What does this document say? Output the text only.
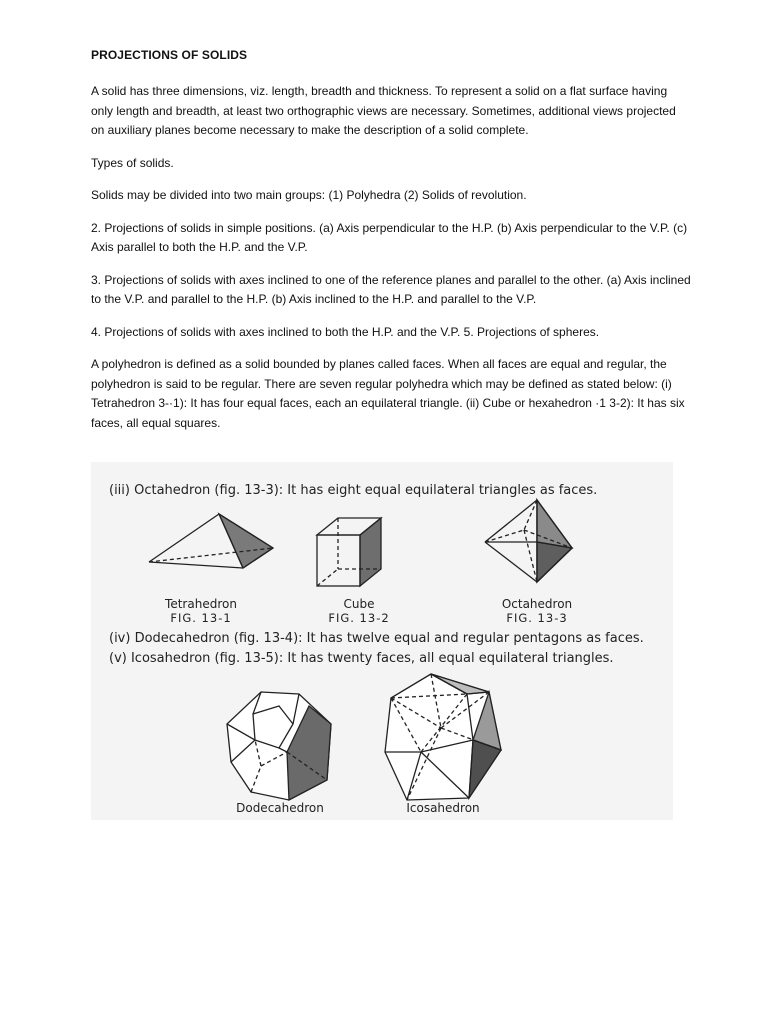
PROJECTIONS OF SOLIDS

A solid has three dimensions, viz. length, breadth and thickness. To represent a solid on a flat surface having only length and breadth, at least two orthographic views are necessary. Sometimes, additional views projected on auxiliary planes become necessary to make the description of a solid complete.

Types of solids.

Solids may be divided into two main groups: (1) Polyhedra (2) Solids of revolution.

2. Projections of solids in simple positions. (a) Axis perpendicular to the H.P. (b) Axis perpendicular to the V.P. (c) Axis parallel to both the H.P. and the V.P.

3. Projections of solids with axes inclined to one of the reference planes and parallel to the other. (a) Axis inclined to the V.P. and parallel to the H.P. (b) Axis inclined to the H.P. and parallel to the V.P.

4. Projections of solids with axes inclined to both the H.P. and the V.P. 5. Projections of spheres.

A polyhedron is defined as a solid bounded by planes called faces. When all faces are equal and regular, the polyhedron is said to be regular. There are seven regular polyhedra which may be defined as stated below: (i) Tetrahedron 3-·1): It has four equal faces, each an equilateral triangle. (ii) Cube or hexahedron ·1 3-2): It has six faces, all equal squares.

(iii) Octahedron (fig. 13-3): It has eight equal equilateral triangles as faces.
Tetrahedron
FIG. 13-1
Cube
FIG. 13-2
Octahedron
FIG. 13-3
(iv) Dodecahedron (fig. 13-4): It has twelve equal and regular pentagons as faces.
(v) Icosahedron (fig. 13-5): It has twenty faces, all equal equilateral triangles.
Dodecahedron	Icosahedron
